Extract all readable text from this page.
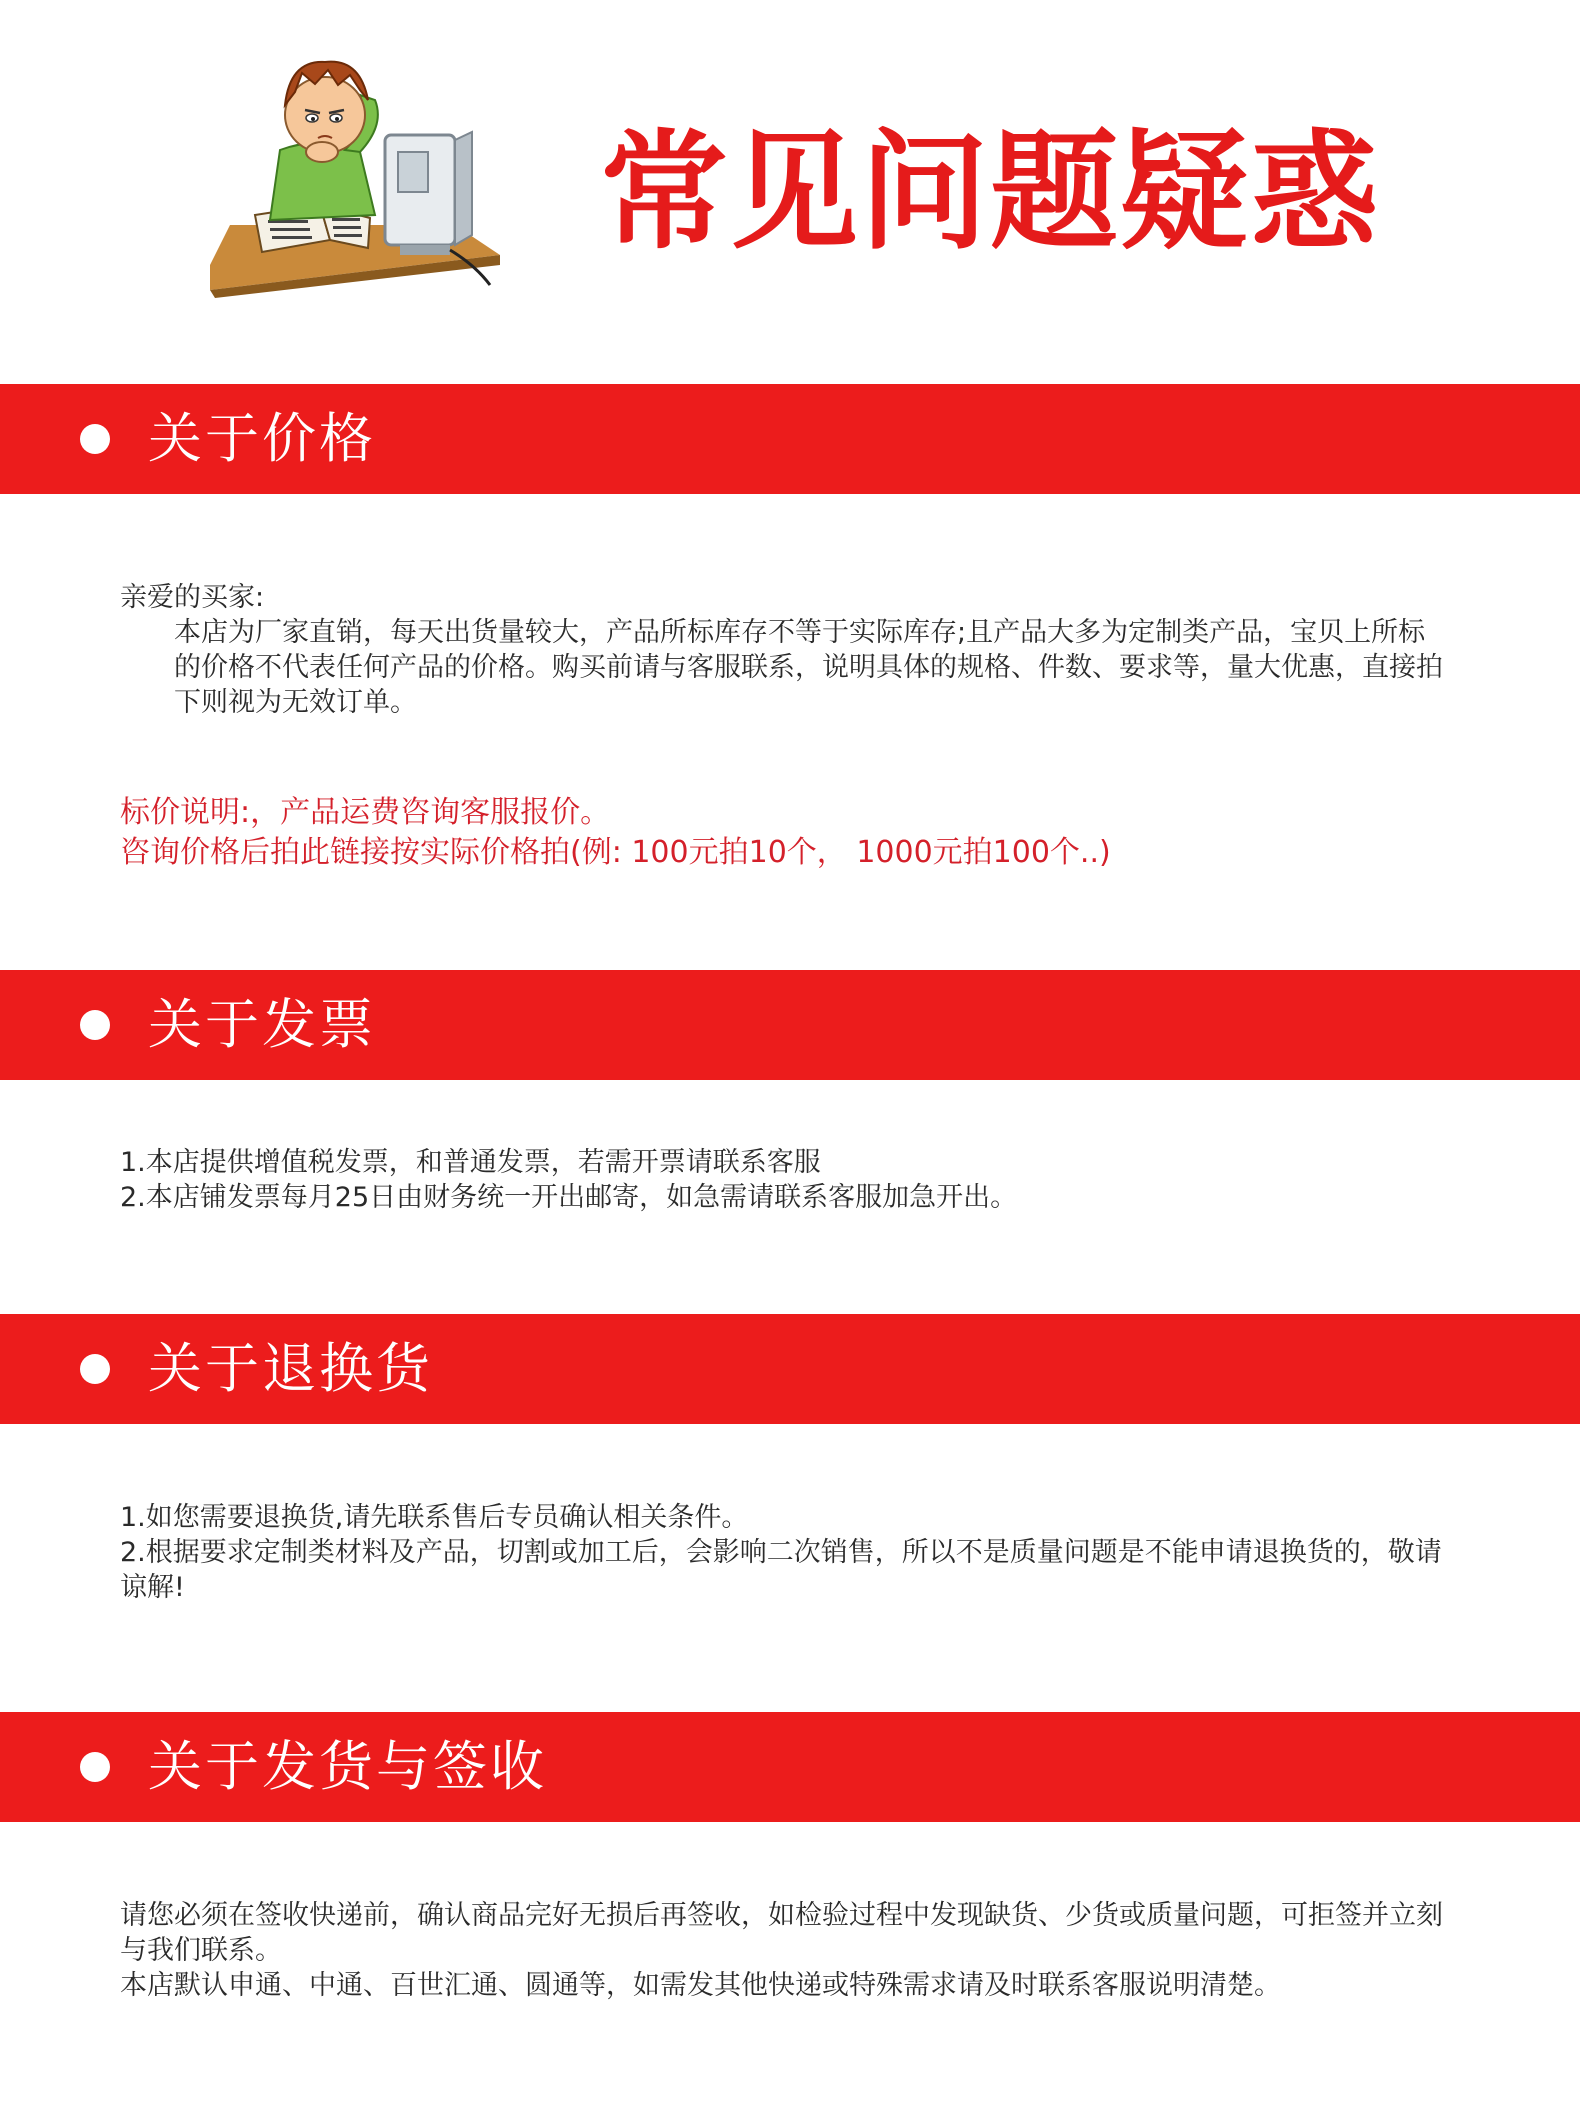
常见问题疑惑
关于价格

亲爱的买家:

本店为厂家直销，每天出货量较大，产品所标库存不等于实际库存;且产品大多为定制类产品，宝贝上所标的价格不代表任何产品的价格。购买前请与客服联系，说明具体的规格、件数、要求等，量大优惠，直接拍下则视为无效订单。

标价说明:，产品运费咨询客服报价。

咨询价格后拍此链接按实际价格拍(例: 100元拍10个， 1000元拍100个..)

关于发票

1.本店提供增值税发票，和普通发票，若需开票请联系客服

2.本店铺发票每月25日由财务统一开出邮寄，如急需请联系客服加急开出。

关于退换货

1.如您需要退换货,请先联系售后专员确认相关条件。

2.根据要求定制类材料及产品，切割或加工后，会影响二次销售，所以不是质量问题是不能申请退换货的，敬请谅解!

关于发货与签收

请您必须在签收快递前，确认商品完好无损后再签收，如检验过程中发现缺货、少货或质量问题，可拒签并立刻与我们联系。

本店默认申通、中通、百世汇通、圆通等，如需发其他快递或特殊需求请及时联系客服说明清楚。
